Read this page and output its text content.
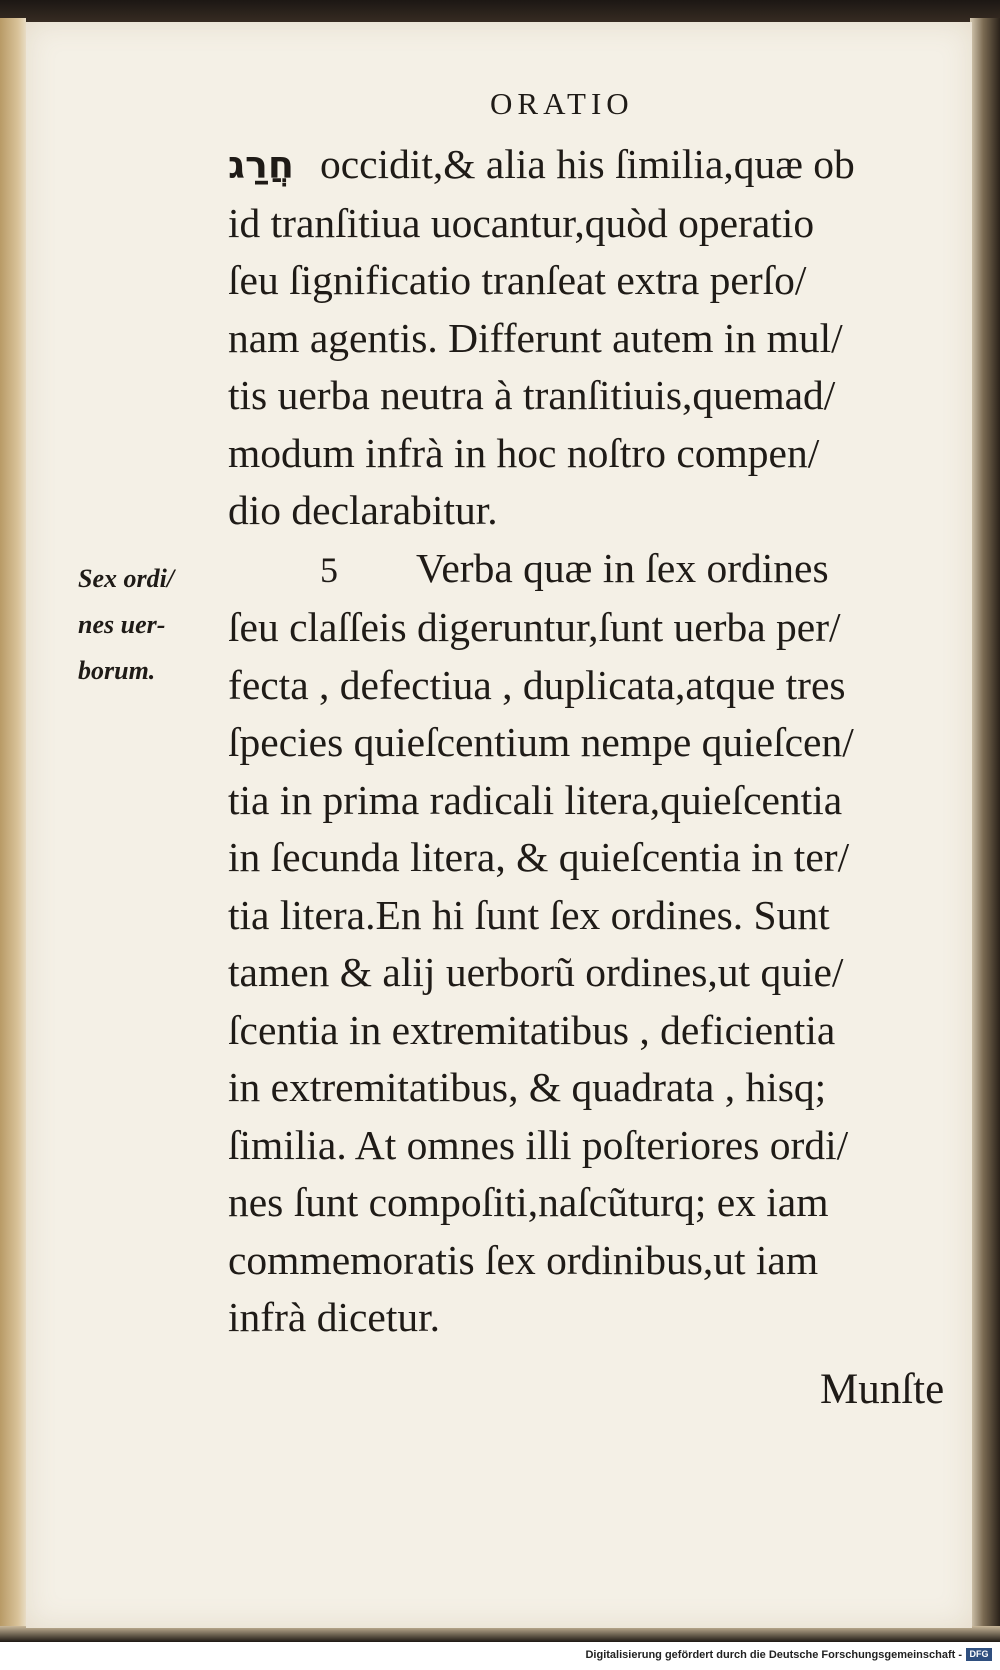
ORATIO
חֲרַג occidit,& alia his ſimilia,quæ ob
id tranſitiua uocantur,quòd operatio
ſeu ſignificatio tranſeat extra perſo/
nam agentis. Differunt autem in mul/
tis uerba neutra à tranſitiuis,quemad/
modum infrà in hoc noſtro compen/
dio declarabitur.
5 Verba quæ in ſex ordines
ſeu claſſeis digeruntur,ſunt uerba per/
fecta , defectiua , duplicata,atque tres
ſpecies quieſcentium nempe quieſcen/
tia in prima radicali litera,quieſcentia
in ſecunda litera, & quieſcentia in ter/
tia litera.En hi ſunt ſex ordines. Sunt
tamen & alij uerborũ ordines,ut quie/
ſcentia in extremitatibus , deficientia
in extremitatibus, & quadrata , hisq;
ſimilia. At omnes illi poſteriores ordi/
nes ſunt compoſiti,naſcũturq; ex iam
commemoratis ſex ordinibus,ut iam
infrà dicetur.
Sex ordi/
nes uer-
borum.
Munſte
Digitalisierung gefördert durch die Deutsche Forschungsgemeinschaft - DFG
